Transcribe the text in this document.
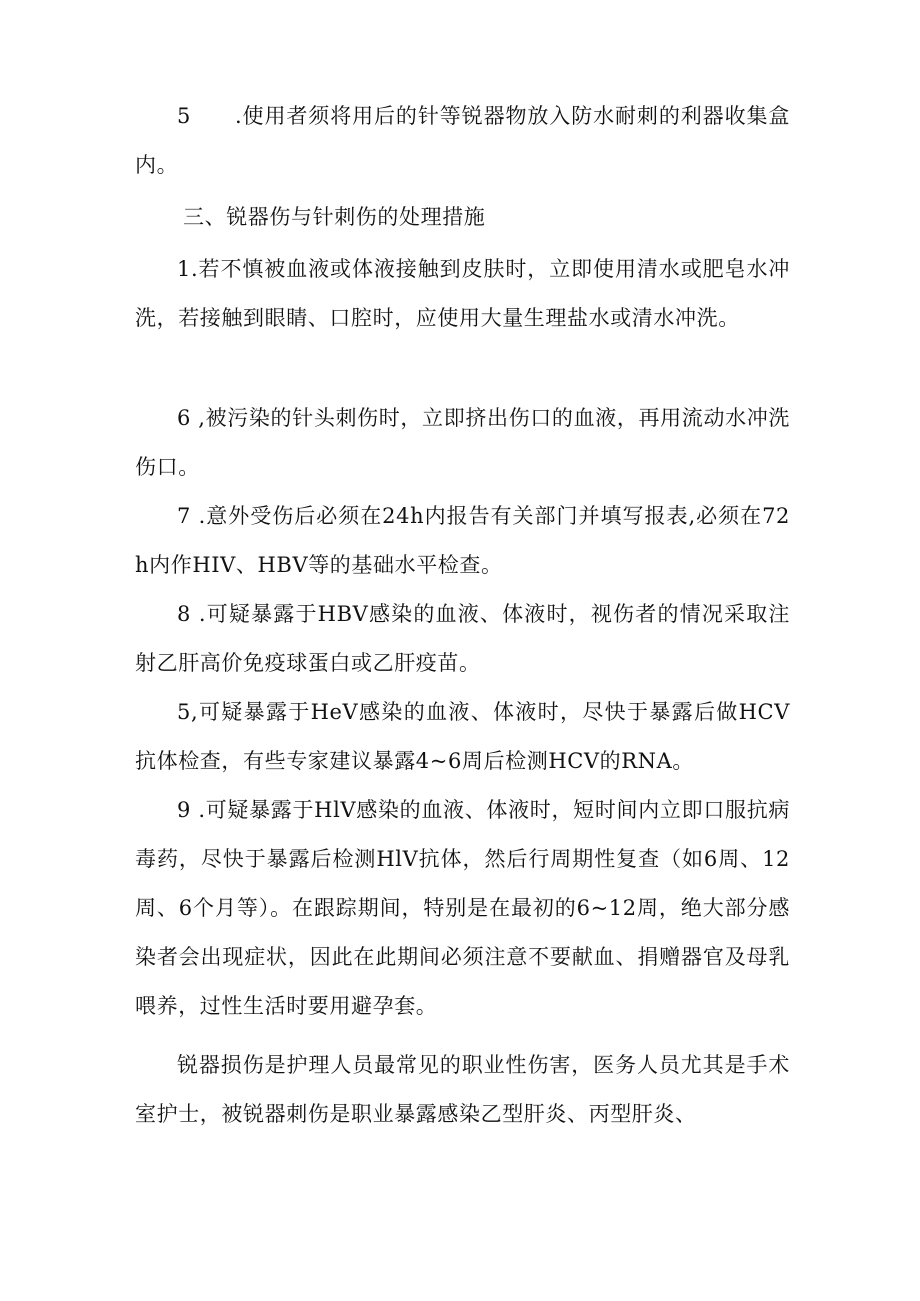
5 .使用者须将用后的针等锐器物放入防水耐刺的利器收集盒内。
三、锐器伤与针刺伤的处理措施
1.若不慎被血液或体液接触到皮肤时，立即使用清水或肥皂水冲洗，若接触到眼睛、口腔时，应使用大量生理盐水或清水冲洗。
6 ,被污染的针头刺伤时，立即挤出伤口的血液，再用流动水冲洗伤口。
7 .意外受伤后必须在24h内报告有关部门并填写报表,必须在72h内作HIV、HBV等的基础水平检查。
8 .可疑暴露于HBV感染的血液、体液时，视伤者的情况采取注射乙肝高价免疫球蛋白或乙肝疫苗。
5,可疑暴露于HeV感染的血液、体液时，尽快于暴露后做HCV抗体检查，有些专家建议暴露4~6周后检测HCV的RNA。
9 .可疑暴露于HlV感染的血液、体液时，短时间内立即口服抗病毒药，尽快于暴露后检测HlV抗体，然后行周期性复查（如6周、12周、6个月等）。在跟踪期间，特别是在最初的6~12周，绝大部分感染者会出现症状，因此在此期间必须注意不要献血、捐赠器官及母乳喂养，过性生活时要用避孕套。
锐器损伤是护理人员最常见的职业性伤害，医务人员尤其是手术室护士，被锐器刺伤是职业暴露感染乙型肝炎、丙型肝炎、
